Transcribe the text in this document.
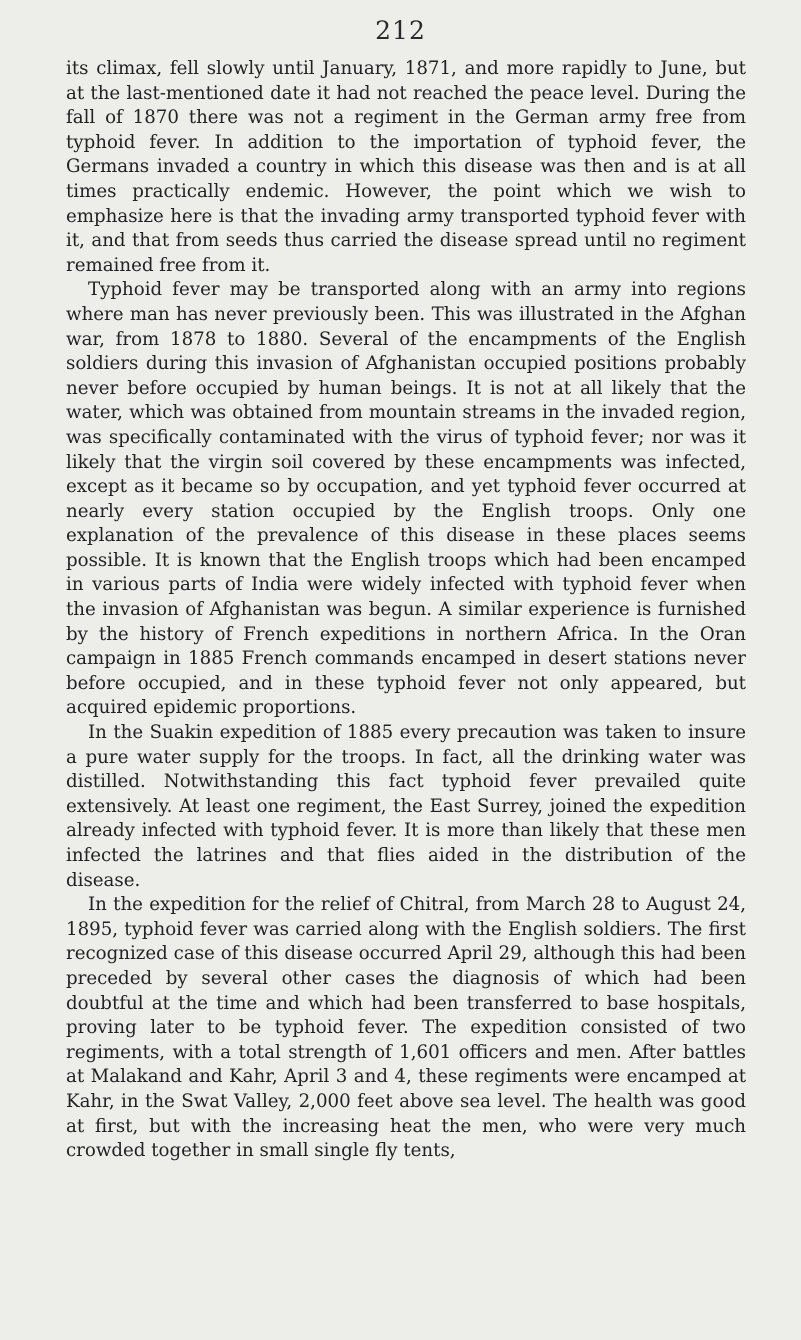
212

its climax, fell slowly until January, 1871, and more rapidly to June, but at the last-mentioned date it had not reached the peace level. During the fall of 1870 there was not a regiment in the German army free from typhoid fever. In addition to the importation of typhoid fever, the Germans invaded a country in which this disease was then and is at all times practically endemic. However, the point which we wish to emphasize here is that the invading army transported typhoid fever with it, and that from seeds thus carried the disease spread until no regiment remained free from it.

Typhoid fever may be transported along with an army into regions where man has never previously been. This was illustrated in the Afghan war, from 1878 to 1880. Several of the encampments of the English soldiers during this invasion of Afghanistan occupied positions probably never before occupied by human beings. It is not at all likely that the water, which was obtained from mountain streams in the invaded region, was specifically contaminated with the virus of typhoid fever; nor was it likely that the virgin soil covered by these encampments was infected, except as it became so by occupation, and yet typhoid fever occurred at nearly every station occupied by the English troops. Only one explanation of the prevalence of this disease in these places seems possible. It is known that the English troops which had been encamped in various parts of India were widely infected with typhoid fever when the invasion of Afghanistan was begun. A similar experience is furnished by the history of French expeditions in northern Africa. In the Oran campaign in 1885 French commands encamped in desert stations never before occupied, and in these typhoid fever not only appeared, but acquired epidemic proportions.

In the Suakin expedition of 1885 every precaution was taken to insure a pure water supply for the troops. In fact, all the drinking water was distilled. Notwithstanding this fact typhoid fever prevailed quite extensively. At least one regiment, the East Surrey, joined the expedition already infected with typhoid fever. It is more than likely that these men infected the latrines and that flies aided in the distribution of the disease.

In the expedition for the relief of Chitral, from March 28 to August 24, 1895, typhoid fever was carried along with the English soldiers. The first recognized case of this disease occurred April 29, although this had been preceded by several other cases the diagnosis of which had been doubtful at the time and which had been transferred to base hospitals, proving later to be typhoid fever. The expedition consisted of two regiments, with a total strength of 1,601 officers and men. After battles at Malakand and Kahr, April 3 and 4, these regiments were encamped at Kahr, in the Swat Valley, 2,000 feet above sea level. The health was good at first, but with the increasing heat the men, who were very much crowded together in small single fly tents,
